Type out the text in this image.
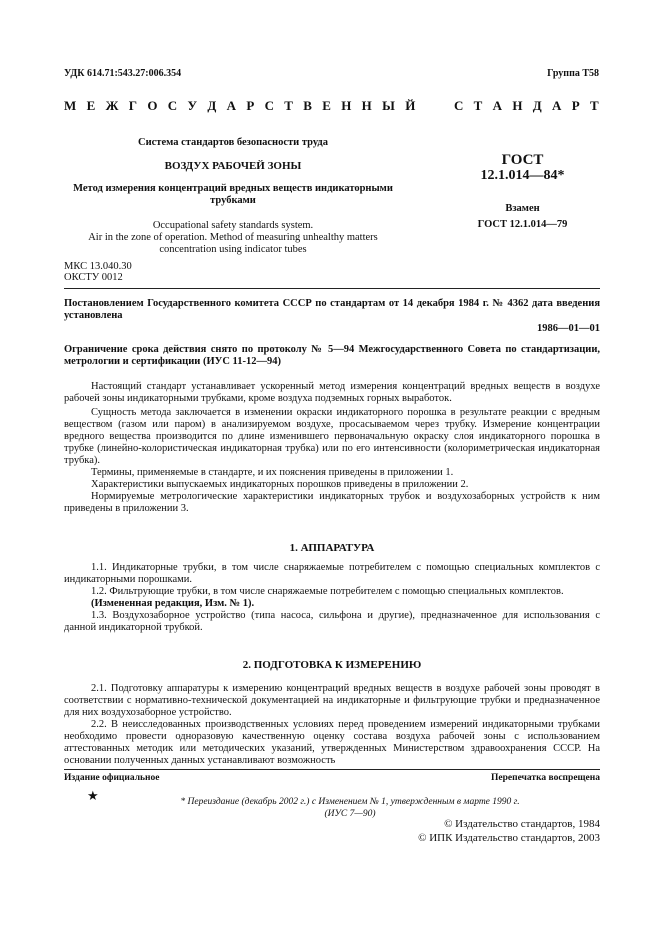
УДК 614.71:543.27:006.354	Группа Т58
М Е Ж Г О С У Д А Р С Т В Е Н Н Ы Й	С Т А Н Д А Р Т
Система стандартов безопасности труда
ВОЗДУХ РАБОЧЕЙ ЗОНЫ
Метод измерения концентраций вредных веществ индикаторными
трубками
Occupational safety standards system.
Air in the zone of operation. Method of measuring unhealthy matters
concentration using indicator tubes
МКС 13.040.30
ОКСТУ 0012
ГОСТ
12.1.014—84*
Взамен
ГОСТ 12.1.014—79
Постановлением Государственного комитета СССР по стандартам от 14 декабря 1984 г. № 4362 дата введения установлена
1986—01—01
Ограничение срока действия снято по протоколу № 5—94 Межгосударственного Совета по стандартизации, метрологии и сертификации (ИУС 11-12—94)

Настоящий стандарт устанавливает ускоренный метод измерения концентраций вредных веществ в воздухе рабочей зоны индикаторными трубками, кроме воздуха подземных горных выработок.

Сущность метода заключается в изменении окраски индикаторного порошка в результате реакции с вредным веществом (газом или паром) в анализируемом воздухе, просасываемом через трубку. Измерение концентрации вредного вещества производится по длине изменившего первоначальную окраску слоя индикаторного порошка в трубке (линейно-колористическая индикаторная трубка) или по его интенсивности (колориметрическая индикаторная трубка).

Термины, применяемые в стандарте, и их пояснения приведены в приложении 1.

Характеристики выпускаемых индикаторных порошков приведены в приложении 2.

Нормируемые метрологические характеристики индикаторных трубок и воздухозаборных устройств к ним приведены в приложении 3.

1. АППАРАТУРА

1.1. Индикаторные трубки, в том числе снаряжаемые потребителем с помощью специальных комплектов с индикаторными порошками.

1.2. Фильтрующие трубки, в том числе снаряжаемые потребителем с помощью специальных комплектов.

(Измененная редакция, Изм. № 1).

1.3. Воздухозаборное устройство (типа насоса, сильфона и другие), предназначенное для использования с данной индикаторной трубкой.

2. ПОДГОТОВКА К ИЗМЕРЕНИЮ

2.1. Подготовку аппаратуры к измерению концентраций вредных веществ в воздухе рабочей зоны проводят в соответствии с нормативно-технической документацией на индикаторные и фильтрующие трубки и предназначенное для них воздухозаборное устройство.

2.2. В неисследованных производственных условиях перед проведением измерений индикаторными трубками необходимо провести одноразовую качественную оценку состава воздуха рабочей зоны с использованием аттестованных методик или методических указаний, утвержденных Министерством здравоохранения СССР. На основании полученных данных устанавливают возможность

Издание официальное	Перепечатка воспрещена
★	* Переиздание (декабрь 2002 г.) с Изменением № 1, утвержденным в марте 1990 г.
(ИУС 7—90)
© Издательство стандартов, 1984
© ИПК Издательство стандартов, 2003
